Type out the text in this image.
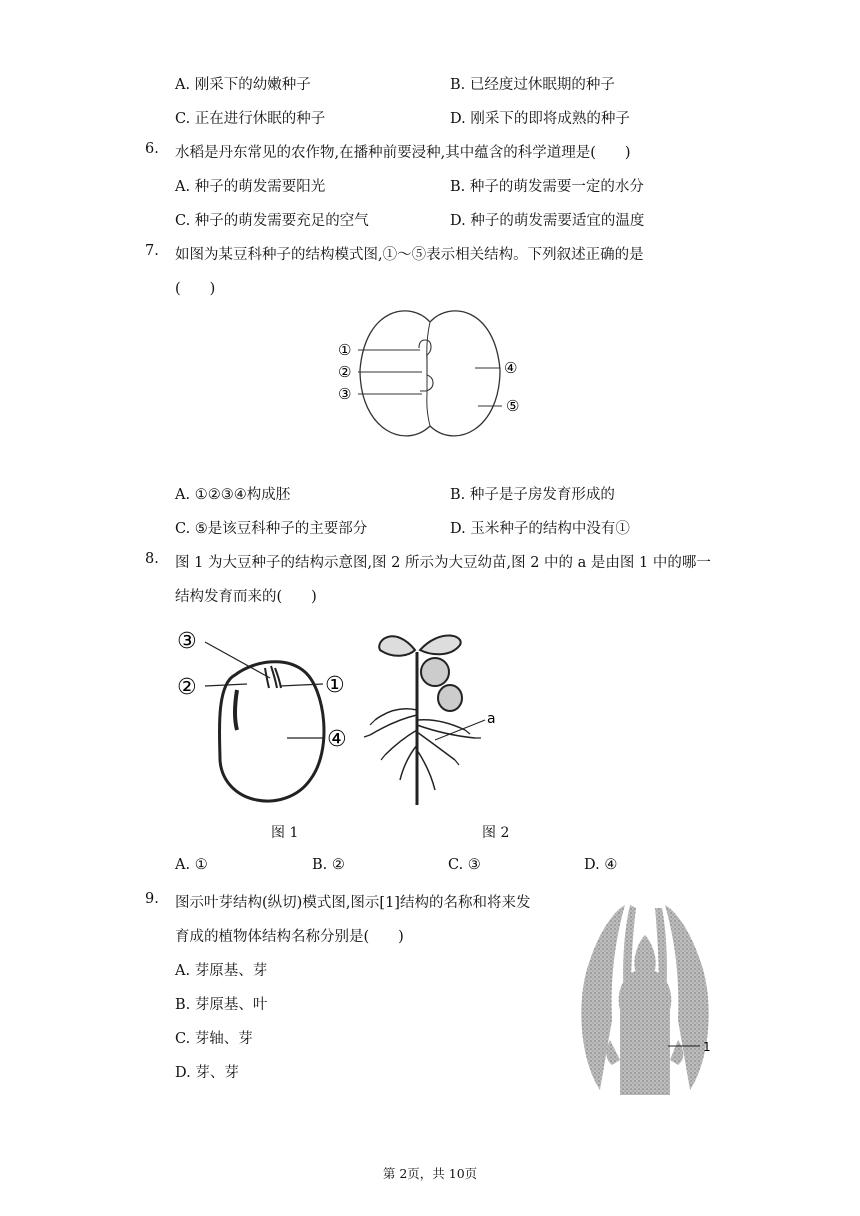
A. 刚采下的幼嫩种子	B. 已经度过休眠期的种子
C. 正在进行休眠的种子	D. 刚采下的即将成熟的种子
6. 水稻是丹东常见的农作物,在播种前要浸种,其中蕴含的科学道理是(　　)
A. 种子的萌发需要阳光	B. 种子的萌发需要一定的水分
C. 种子的萌发需要充足的空气	D. 种子的萌发需要适宜的温度
7. 如图为某豆科种子的结构模式图,①～⑤表示相关结构。下列叙述正确的是
(　　)
①
②
③
④
⑤
A. ①②③④构成胚	B. 种子是子房发育形成的
C. ⑤是该豆科种子的主要部分	D. 玉米种子的结构中没有①
8. 图 1 为大豆种子的结构示意图,图 2 所示为大豆幼苗,图 2 中的 a 是由图 1 中的哪一
结构发育而来的(　　)
③
②	①
④
a
图 1	图 2
A. ①	B. ②	C. ③	D. ④
9. 图示叶芽结构(纵切)模式图,图示[1]结构的名称和将来发
育成的植物体结构名称分别是(　　)
A. 芽原基、芽
B. 芽原基、叶
C. 芽轴、芽
D. 芽、芽
1
第 2页，共 10页
